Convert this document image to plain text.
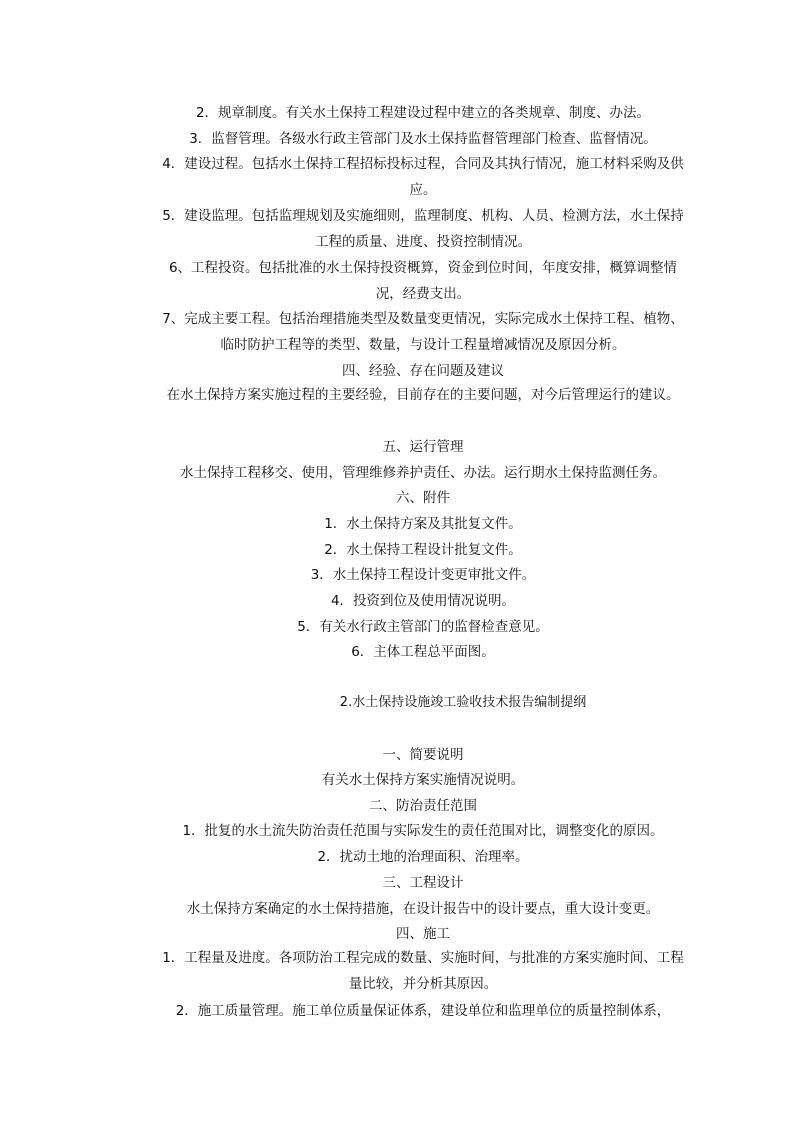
2．规章制度。有关水土保持工程建设过程中建立的各类规章、制度、办法。
3．监督管理。各级水行政主管部门及水土保持监督管理部门检查、监督情况。
4．建设过程。包括水土保持工程招标投标过程，合同及其执行情况，施工材料采购及供应。
5．建设监理。包括监理规划及实施细则，监理制度、机构、人员、检测方法，水土保持工程的质量、进度、投资控制情况。
6、工程投资。包括批准的水土保持投资概算，资金到位时间，年度安排，概算调整情况，经费支出。
7、完成主要工程。包括治理措施类型及数量变更情况，实际完成水土保持工程、植物、临时防护工程等的类型、数量，与设计工程量增减情况及原因分析。
四、经验、存在问题及建议
在水土保持方案实施过程的主要经验，目前存在的主要问题，对今后管理运行的建议。
五、运行管理
水土保持工程移交、使用，管理维修养护责任、办法。运行期水土保持监测任务。
六、附件
1．水土保持方案及其批复文件。
2．水土保持工程设计批复文件。
3．水土保持工程设计变更审批文件。
4．投资到位及使用情况说明。
5．有关水行政主管部门的监督检查意见。
6．主体工程总平面图。
2.水土保持设施竣工验收技术报告编制提纲
一、简要说明
有关水土保持方案实施情况说明。
二、防治责任范围
1．批复的水土流失防治责任范围与实际发生的责任范围对比，调整变化的原因。
2．扰动土地的治理面积、治理率。
三、工程设计
水土保持方案确定的水土保持措施，在设计报告中的设计要点，重大设计变更。
四、施工
1．工程量及进度。各项防治工程完成的数量、实施时间，与批准的方案实施时间、工程量比较，并分析其原因。
2．施工质量管理。施工单位质量保证体系，建设单位和监理单位的质量控制体系，
